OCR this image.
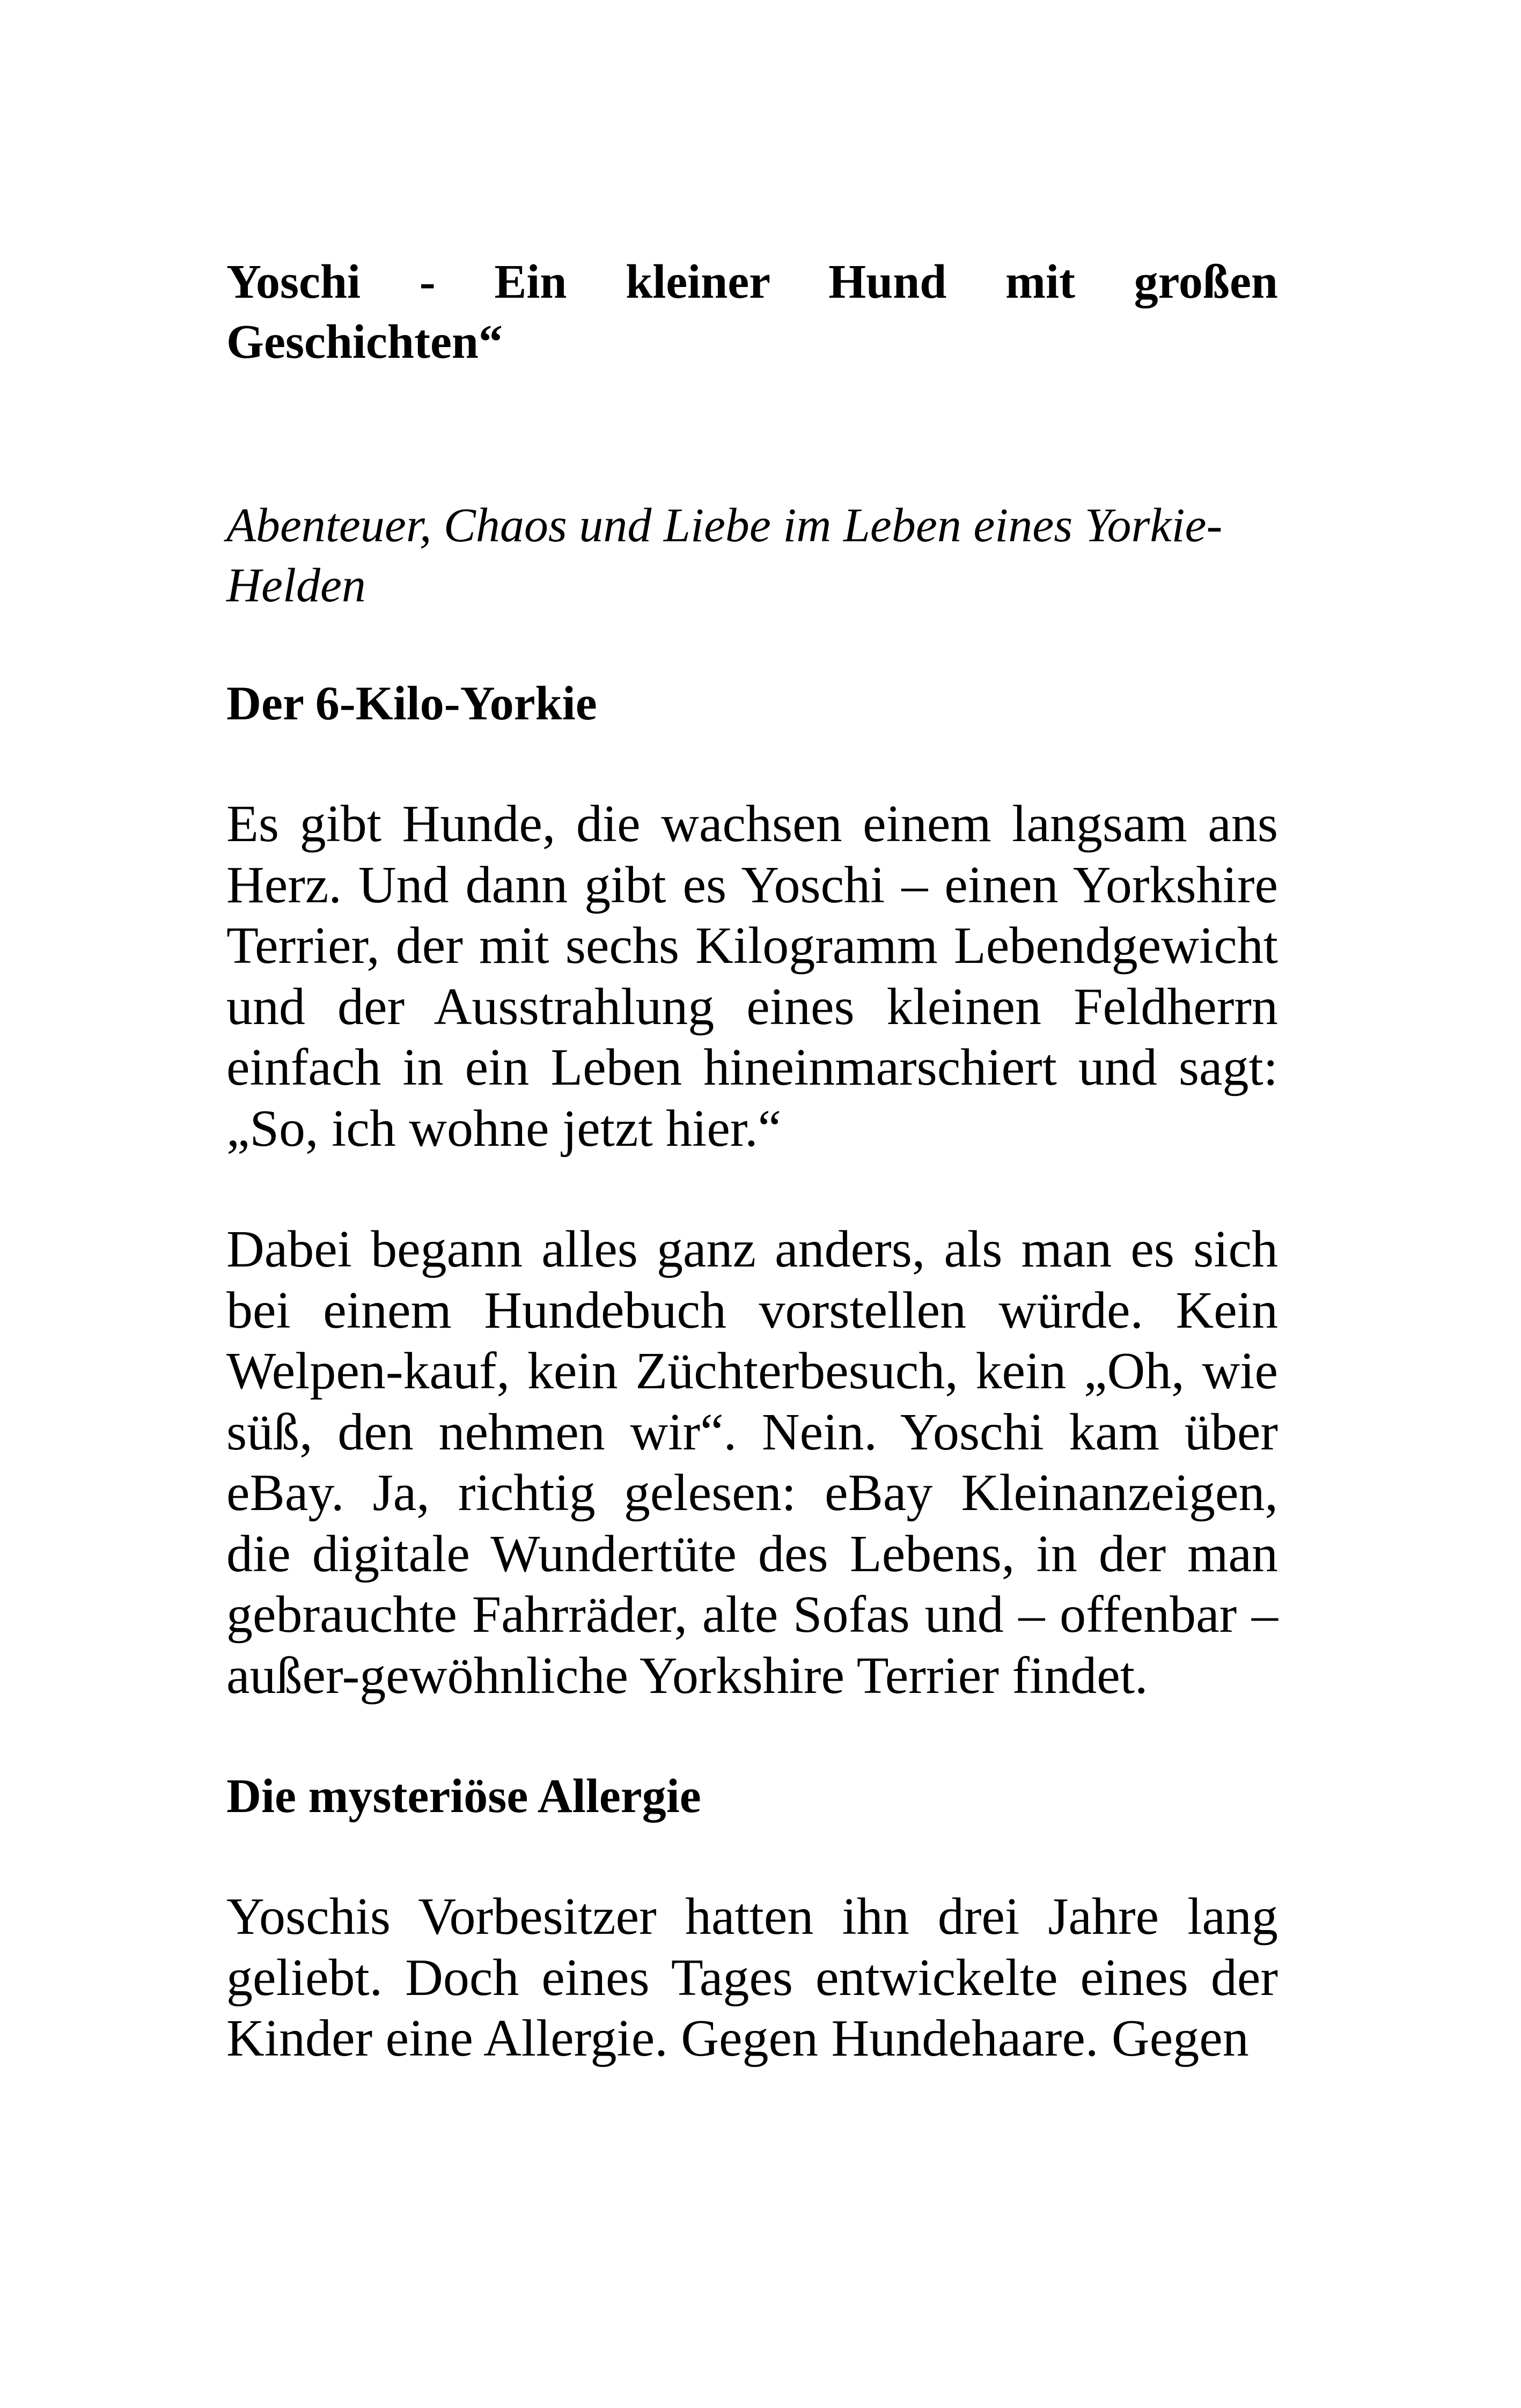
Yoschi - Ein kleiner Hund mit großen Geschichten“

Abenteuer, Chaos und Liebe im Leben eines Yorkie-Helden

Der 6-Kilo-Yorkie

Es gibt Hunde, die wachsen einem langsam ans Herz. Und dann gibt es Yoschi – einen Yorkshire Terrier, der mit sechs Kilogramm Lebendgewicht und der Ausstrahlung eines kleinen Feldherrn einfach in ein Leben hineinmarschiert und sagt: „So, ich wohne jetzt hier.“

Dabei begann alles ganz anders, als man es sich bei einem Hundebuch vorstellen würde. Kein Welpen-kauf, kein Züchterbesuch, kein „Oh, wie süß, den nehmen wir“. Nein. Yoschi kam über eBay. Ja, richtig gelesen: eBay Kleinanzeigen, die digitale Wundertüte des Lebens, in der man gebrauchte Fahrräder, alte Sofas und – offenbar – außer-gewöhnliche Yorkshire Terrier findet.

Die mysteriöse Allergie

Yoschis Vorbesitzer hatten ihn drei Jahre lang geliebt. Doch eines Tages entwickelte eines der Kinder eine Allergie. Gegen Hundehaare. Gegen
